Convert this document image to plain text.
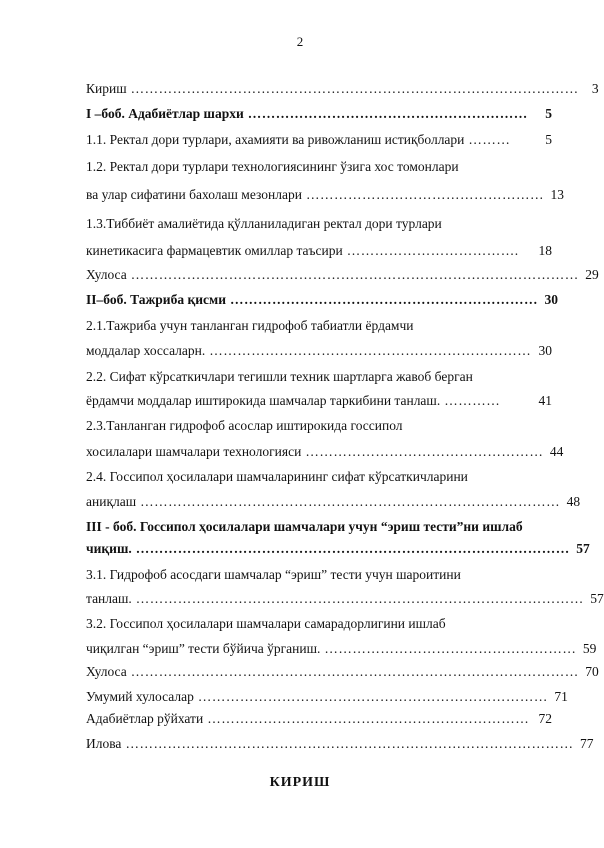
2
Кириш …………………………………………………………………………………… 3
I –боб. Адабиётлар шархи ……………………………………………………	5
1.1. Ректал дори турлари, ахамияти ва ривожланиш истиқболлари ………	5
1.2. Ректал дори турлари технологиясининг ўзига хос томонлари
ва улар сифатини бахолаш мезонлари …………………………………………… 13
1.3.Тиббиёт амалиётида қўлланиладиган ректал дори турлари
кинетикасига фармацевтик омиллар таъсири ……………………………….	18
Хулоса …………………………………………………………………………………… 29
II–боб. Тажриба қисми ………………………………………………………… 30
2.1.Тажриба учун танланган гидрофоб табиатли ёрдамчи
моддалар хоссаларн. …………………………………………………………… 30
2.2. Сифат кўрсаткичлари тегишли техник шартларга жавоб берган
ёрдамчи моддалар иштирокида шамчалар таркибини танлаш. …………	41
2.3.Танланган гидрофоб асослар иштирокида госсипол
хосилалари шамчалари технологияси …………………………………………… 44
2.4. Госсипол ҳосилалари шамчаларининг сифат кўрсаткичларини
аниқлаш ……………………………………………………………………………… 48
III - боб. Госсипол ҳосилалари шамчалари учун “эриш тести”ни ишлаб
чиқиш. ………………………………………………………………………………… 57
3.1. Гидрофоб асосдаги шамчалар “эриш” тести учун шароитини
танлаш. …………………………………………………………………………………… 57
3.2. Госсипол ҳосилалари шамчалари самарадорлигини ишлаб
чиқилган “эриш” тести бўйича ўрганиш. ……………………………………………… 59
Хулоса …………………………………………………………………………………… 70
Умумий хулосалар ………………………………………………………………… 71
Адабиётлар рўйхати …………………………………………………………… 72
Илова …………………………………………………………………………………… 77
КИРИШ
